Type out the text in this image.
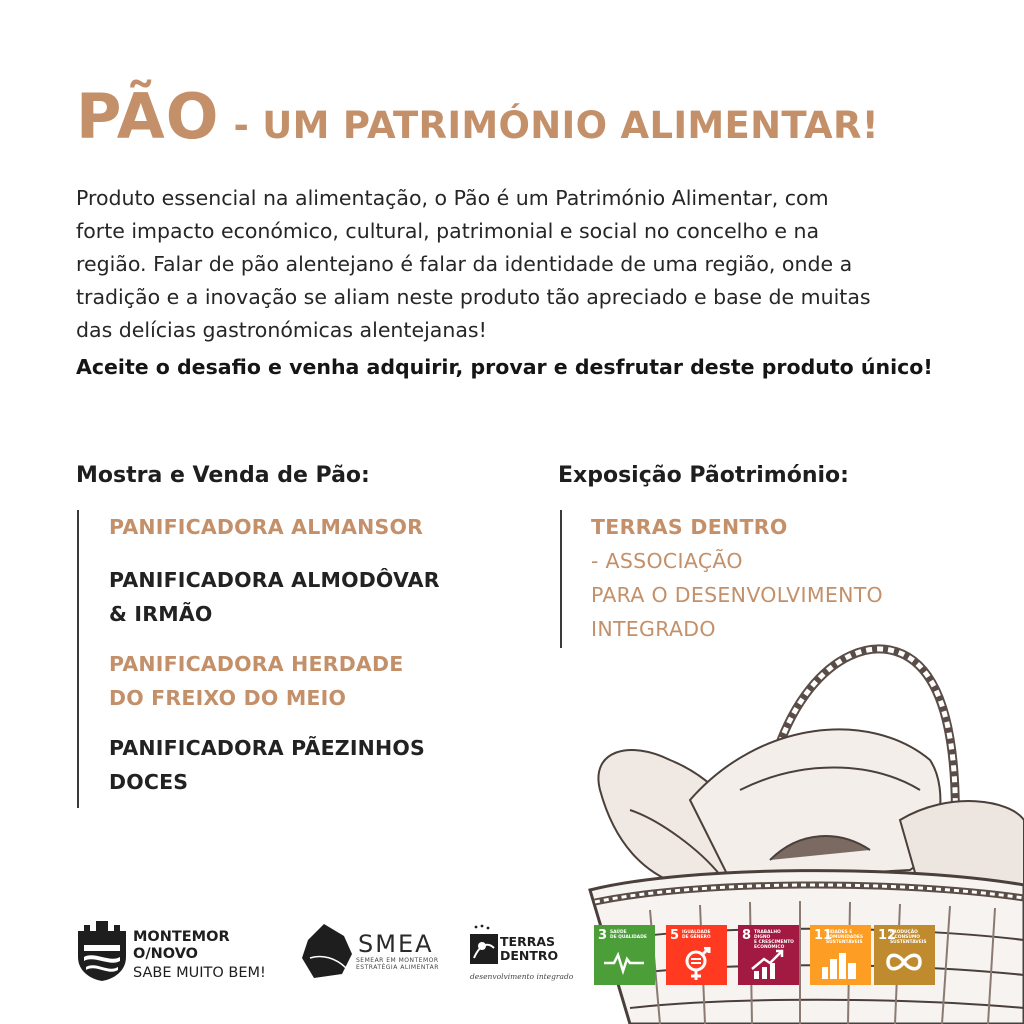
PÃO - UM PATRIMÓNIO ALIMENTAR!

Produto essencial na alimentação, o Pão é um Património Alimentar, com forte impacto económico, cultural, patrimonial e social no concelho e na região. Falar de pão alentejano é falar da identidade de uma região, onde a tradição e a inovação se aliam neste produto tão apreciado e base de muitas das delícias gastronómicas alentejanas!

Aceite o desafio e venha adquirir, provar e desfrutar deste produto único!

Mostra e Venda de Pão:

PANIFICADORA ALMANSOR

PANIFICADORA ALMODÔVAR
& IRMÃO

PANIFICADORA HERDADE
DO FREIXO DO MEIO

PANIFICADORA PÃEZINHOS
DOCES

Exposição Pãotrimónio:

TERRAS DENTRO
- ASSOCIAÇÃO
PARA O DESENVOLVIMENTO
INTEGRADO

MONTEMOR
O/NOVO
SABE MUITO BEM!
SMEA
SEMEAR EM MONTEMOR
ESTRATÉGIA ALIMENTAR
TERRAS
DENTRO
desenvolvimento integrado
3 SAÚDE
DE QUALIDADE	5 IGUALDADE
DE GÉNERO	8 TRABALHO DIGNO
E CRESCIMENTO
ECONÓMICO
11
CIDADES E
COMUNIDADES
SUSTENTÁVEIS	12
PRODUÇÃO
E CONSUMO
SUSTENTÁVEIS
